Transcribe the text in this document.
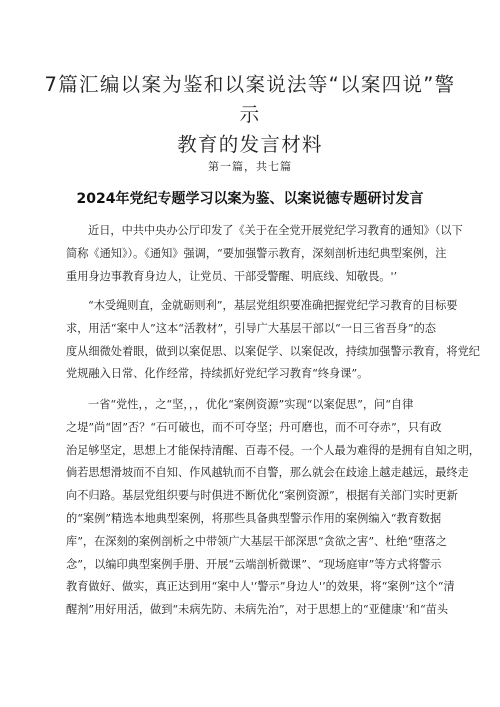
7篇汇编以案为鉴和以案说法等“以案四说”警示
教育的发言材料
第一篇，共七篇
2024年党纪专题学习以案为鉴、以案说德专题研讨发言
近日，中共中央办公厅印发了《关于在全党开展党纪学习教育的通知》（以下
简称《通知》）。《通知》强调，“要加强警示教育，深刻剖析违纪典型案例，注
重用身边事教育身边人，让党员、干部受警醒、明底线、知敬畏。'’
“木受绳则直，金就砺则利”，基层党组织要准确把握党纪学习教育的目标要
求，用活“案中人”这本“活教材”，引导广大基层干部以“一日三省吾身”的态
度从细微处着眼，做到以案促思、以案促学、以案促改，持续加强警示教育，将党纪
党规融入日常、化作经常，持续抓好党纪学习教育“终身课”。
一省“党性，，之“坚，，，优化“案例资源”实现“以案促思”，问“自律
之堤”尚“固”否？“石可破也，而不可夺坚；丹可磨也，而不可夺赤”，只有政
治足够坚定，思想上才能保持清醒、百毒不侵。一个人最为难得的是拥有自知之明，
倘若思想滑坡而不自知、作风越轨而不自警，那么就会在歧途上越走越远，最终走
向不归路。基层党组织要与时俱进不断优化“案例资源”，根据有关部门实时更新
的“案例”精选本地典型案例，将那些具备典型警示作用的案例编入“教育数据
库”，在深刻的案例剖析之中带领广大基层干部深思“贪欲之害”、杜绝“堕落之
念”，以编印典型案例手册、开展“云端剖析微课”、“现场庭审”等方式将警示
教育做好、做实，真正达到用“案中人'‘警示”身边人'’的效果，将“案例”这个“清
醒剂”用好用活，做到“未病先防、未病先治”，对于思想上的“亚健康'‘和“苗头
